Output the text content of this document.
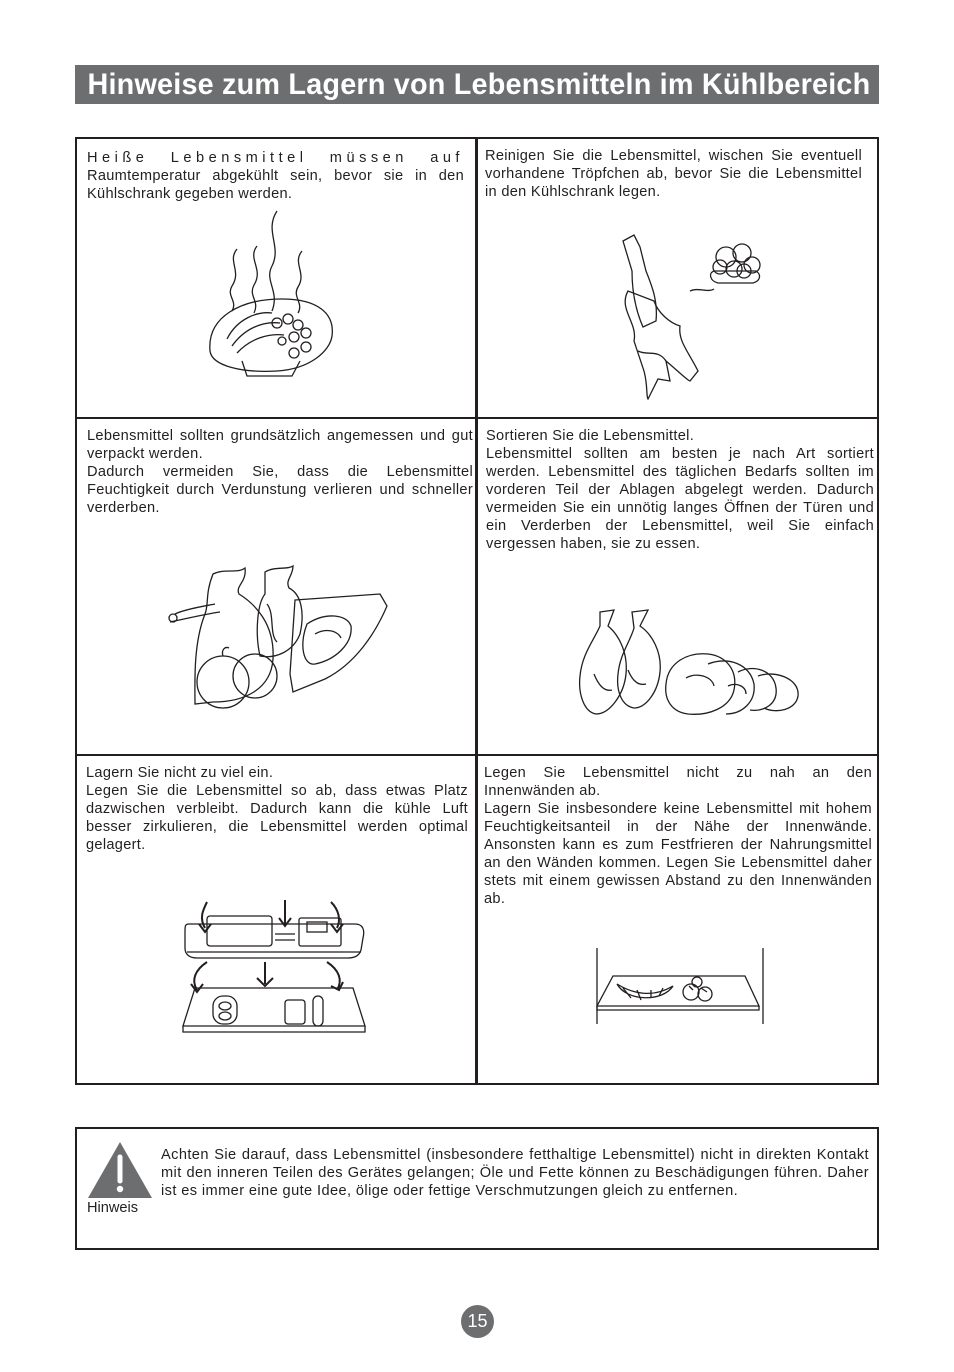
Hinweise zum Lagern von Lebensmitteln im Kühlbereich

Heiße Lebensmittel müssen auf

Raumtemperatur abgekühlt sein, bevor sie in den Kühlschrank gegeben werden.

Reinigen Sie die Lebensmittel, wischen Sie eventuell vorhandene Tröpfchen ab, bevor Sie die Lebensmittel in den Kühlschrank legen.

Lebensmittel sollten grundsätzlich angemessen und gut verpackt werden.

Dadurch vermeiden Sie, dass die Lebensmittel Feuchtigkeit durch Verdunstung verlieren und schneller verderben.

Sortieren Sie die Lebensmittel.

Lebensmittel sollten am besten je nach Art sortiert werden. Lebensmittel des täglichen Bedarfs sollten im vorderen Teil der Ablagen abgelegt werden. Dadurch vermeiden Sie ein unnötig langes Öffnen der Türen und ein Verderben der Lebensmittel, weil Sie einfach vergessen haben, sie zu essen.

Lagern Sie nicht zu viel ein.

Legen Sie die Lebensmittel so ab, dass etwas Platz dazwischen verbleibt. Dadurch kann die kühle Luft besser zirkulieren, die Lebensmittel werden optimal gelagert.

Legen Sie Lebensmittel nicht zu nah an den Innenwänden ab.

Lagern Sie insbesondere keine Lebensmittel mit hohem Feuchtigkeitsanteil in der Nähe der Innenwände. Ansonsten kann es zum Festfrieren der Nahrungsmittel an den Wänden kommen. Legen Sie Lebensmittel daher stets mit einem gewissen Abstand zu den Innenwänden ab.

Hinweis

Achten Sie darauf, dass Lebensmittel (insbesondere fetthaltige Lebensmittel) nicht in direkten Kontakt mit den inneren Teilen des Gerätes gelangen; Öle und Fette können zu Beschädigungen führen. Daher ist es immer eine gute Idee, ölige oder fettige Verschmutzungen gleich zu entfernen.

15
